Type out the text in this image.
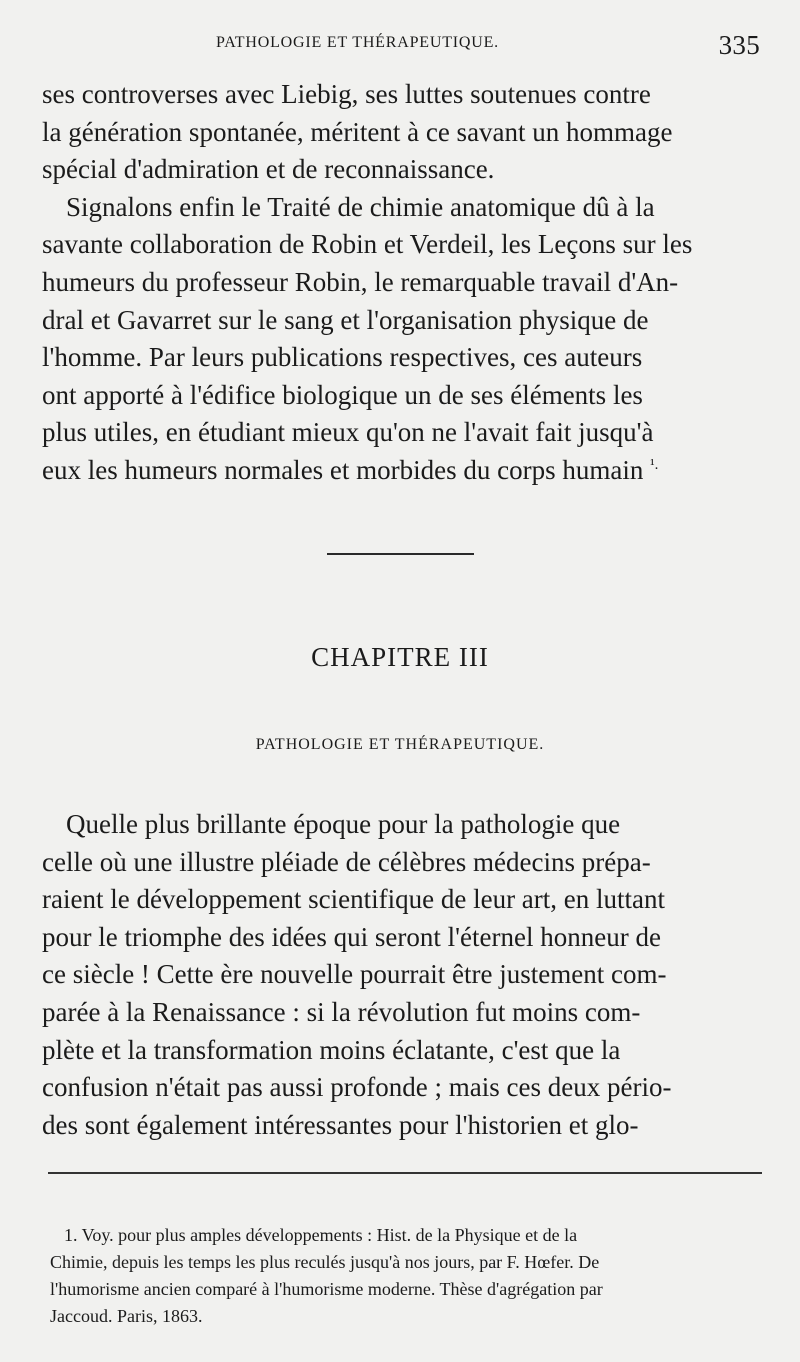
PATHOLOGIE ET THÉRAPEUTIQUE.	335
ses controverses avec Liebig, ses luttes soutenues contre
la génération spontanée, méritent à ce savant un hommage
spécial d'admiration et de reconnaissance.
Signalons enfin le Traité de chimie anatomique dû à la
savante collaboration de Robin et Verdeil, les Leçons sur les
humeurs du professeur Robin, le remarquable travail d'An-
dral et Gavarret sur le sang et l'organisation physique de
l'homme. Par leurs publications respectives, ces auteurs
ont apporté à l'édifice biologique un de ses éléments les
plus utiles, en étudiant mieux qu'on ne l'avait fait jusqu'à
eux les humeurs normales et morbides du corps humain $^{^1.}$
CHAPITRE III
PATHOLOGIE ET THÉRAPEUTIQUE.
Quelle plus brillante époque pour la pathologie que
celle où une illustre pléiade de célèbres médecins prépa-
raient le développement scientifique de leur art, en luttant
pour le triomphe des idées qui seront l'éternel honneur de
ce siècle ! Cette ère nouvelle pourrait être justement com-
parée à la Renaissance : si la révolution fut moins com-
plète et la transformation moins éclatante, c'est que la
confusion n'était pas aussi profonde ; mais ces deux pério-
des sont également intéressantes pour l'historien et glo-
1. Voy. pour plus amples développements : Hist. de la Physique et de la
Chimie, depuis les temps les plus reculés jusqu'à nos jours, par F. Hœfer. De
l'humorisme ancien comparé à l'humorisme moderne. Thèse d'agrégation par
Jaccoud. Paris, 1863.
